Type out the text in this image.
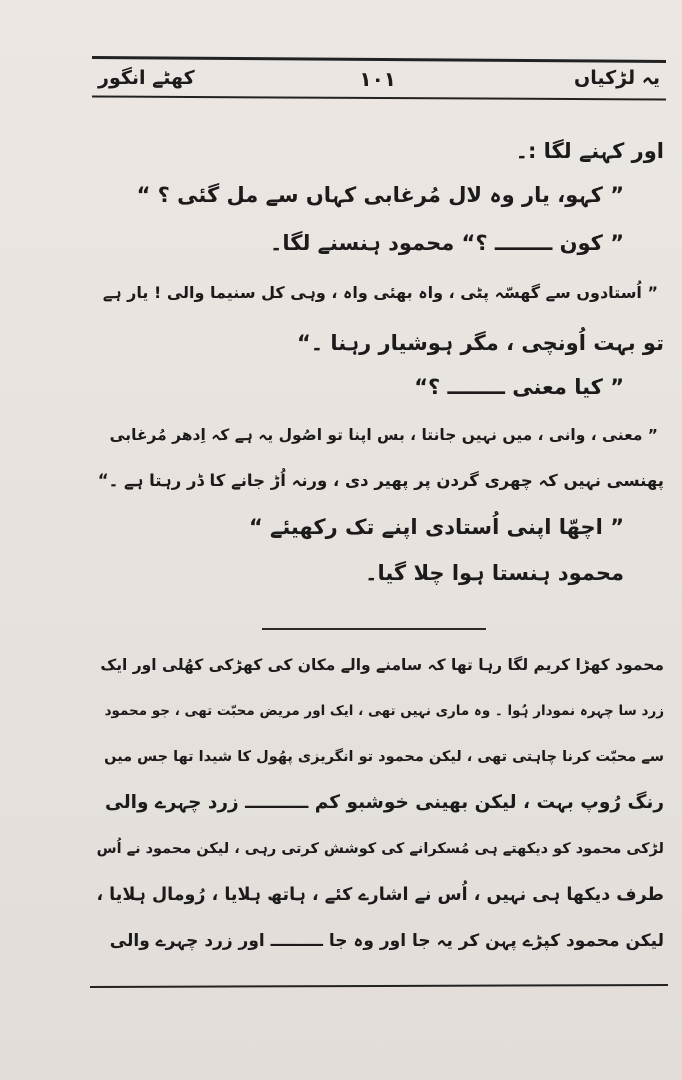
یہ لڑکیاں
۱۰۱
کھٹے انگور
اور کہنے لگا :۔
” کہو، یار وہ لال مُرغابی کہاں سے مل گئی ؟ “
” کون ــــــــ ؟“ محمود ہنسنے لگا۔
” اُستادوں سے گھسّہ پٹی ، واہ بھئی واہ ، وہی کل سنیما والی ! یار ہے
تو بہت اُونچی ، مگر ہوشیار رہنا ۔“
” کیا معنی ــــــــ ؟“
” معنی ، وانی ، میں نہیں جانتا ، بس اپنا تو اصُول یہ ہے کہ اِدھر مُرغابی
پھنسی نہیں کہ چھری گردن پر پھیر دی ، ورنہ اُڑ جانے کا ڈر رہتا ہے ۔“
” اچھّا اپنی اُستادی اپنے تک رکھیئے “
محمود ہنستا ہوا چلا گیا۔
محمود کھڑا کریم لگا رہا تھا کہ سامنے والے مکان کی کھڑکی کھُلی اور ایک
زرد سا چہرہ نمودار ہُوا ۔ وہ ماری نہیں تھی ، ایک اور مریض محبّت تھی ، جو محمود
سے محبّت کرنا چاہتی تھی ، لیکن محمود تو انگریزی پھُول کا شیدا تھا جس میں
رنگ رُوپ بہت ، لیکن بھینی خوشبو کم ــــــــــ زرد چہرے والی
لڑکی محمود کو دیکھتے ہی مُسکرانے کی کوشش کرتی رہی ، لیکن محمود نے اُس
طرف دیکھا ہی نہیں ، اُس نے اشارے کئے ، ہاتھ ہلایا ، رُومال ہلایا ،
لیکن محمود کپڑے پہن کر یہ جا اور وہ جا ـــــــــ اور زرد چہرے والی
